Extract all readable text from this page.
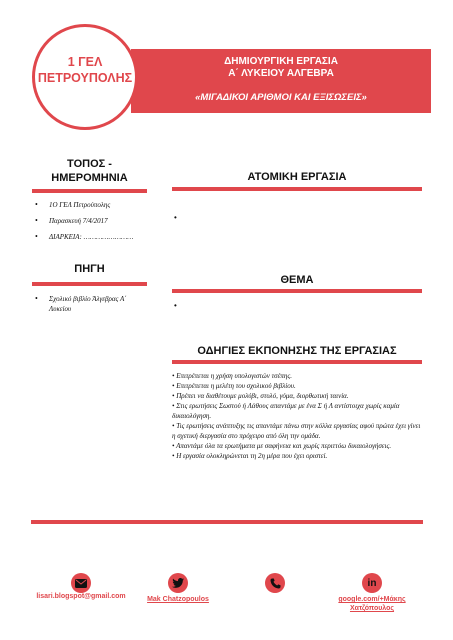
ΔΗΜΙΟΥΡΓΙΚΗ ΕΡΓΑΣΙΑ
Α΄ ΛΥΚΕΙΟΥ ΑΛΓΕΒΡΑ
«ΜΙΓΑΔΙΚΟΙ ΑΡΙΘΜΟΙ ΚΑΙ ΕΞΙΣΩΣΕΙΣ»
1 ΓΕΛ
ΠΕΤΡΟΥΠΟΛΗΣ
ΤΟΠΟΣ -
ΗΜΕΡΟΜΗΝΙΑ
• 1Ο ΓΕΛ Πετρούπολης
• Παρασκευή 7/4/2017
• ΔΙΑΡΚΕΙΑ: ……………………
ΠΗΓΗ
• Σχολικό βιβλίο Άλγεβρας Α΄ Λυκείου
ΑΤΟΜΙΚΗ ΕΡΓΑΣΙΑ
•
ΘΕΜΑ
•
ΟΔΗΓΙΕΣ ΕΚΠΟΝΗΣΗΣ ΤΗΣ ΕΡΓΑΣΙΑΣ
• Επιτρέπεται η χρήση υπολογιστών τσέπης.
• Επιτρέπεται η μελέτη του σχολικού βιβλίου.
• Πρέπει να διαθέτουμε μολύβι, στυλό, γόμα, διορθωτική ταινία.
• Στις ερωτήσεις Σωστού ή Λάθους απαντάμε με ένα Σ ή Λ αντίστοιχα χωρίς καμία δικαιολόγηση.
• Τις ερωτήσεις ανάπτυξης τις απαντάμε πάνω στην κόλλα εργασίας αφού πρώτα έχει γίνει η σχετική διεργασία στο πρόχειρο από όλη την ομάδα.
• Απαντάμε όλα τα ερωτήματα με σαφήνεια και χωρίς περιττόω δικαιολογήσεις.
• Η εργασία ολοκληρώνεται τη 2η μέρα που έχει οριστεί.
in
lisari.blogspot@gmail.com	Mak Chatzopoulos	google.com/+Μάκης
Χατζόπουλος
